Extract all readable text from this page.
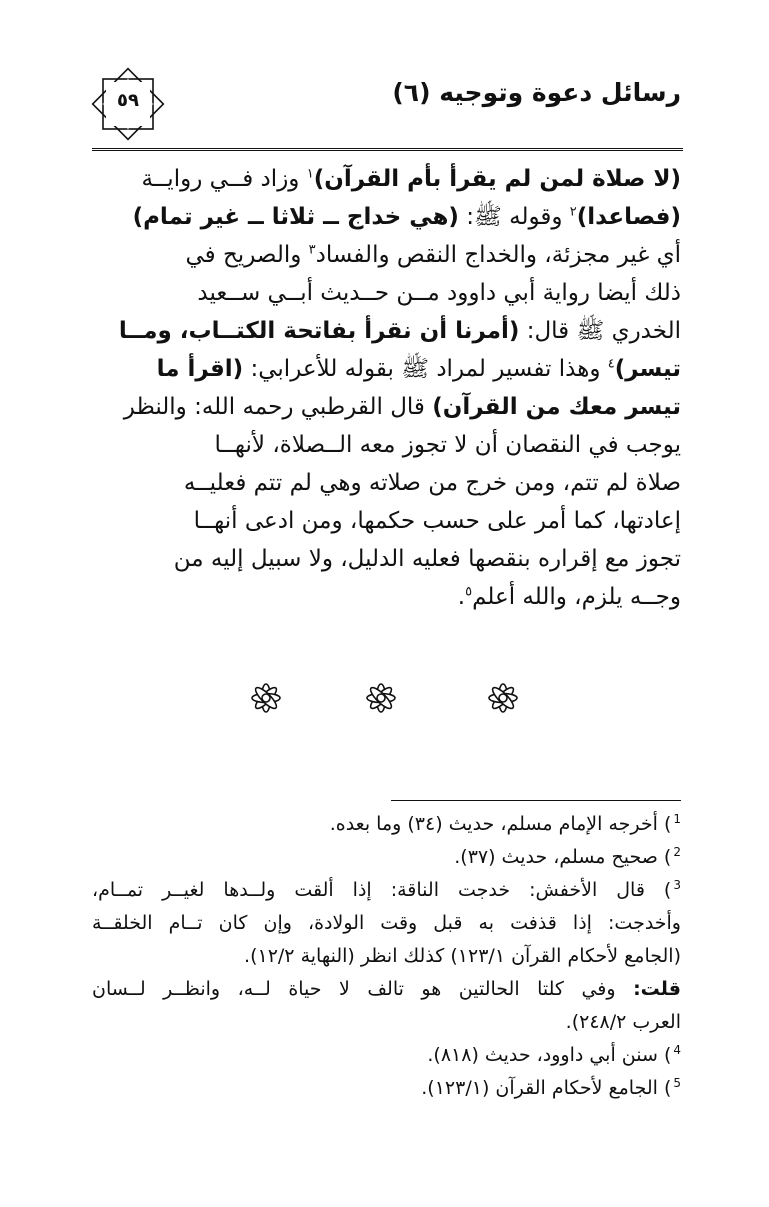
رسائل دعوة وتوجيه (٦)
٥٩
(لا صلاة لمن لم يقرأ بأم القرآن)$^١$ وزاد فــي روايــة
(فصاعدا)$^٢$ وقوله ﷺ: (هي خداج ــ ثلاثا ــ غير تمام)
أي غير مجزئة، والخداج النقص والفساد$^٣$ والصريح في
ذلك أيضا رواية أبي داوود مــن حــديث أبــي ســعيد
الخدري ﷺ قال: (أمرنا أن نقرأ بفاتحة الكتــاب، ومــا
تيسر)$^٤$ وهذا تفسير لمراد ﷺ بقوله للأعرابي: (اقرأ ما
تيسر معك من القرآن) قال القرطبي رحمه الله: والنظر
يوجب في النقصان أن لا تجوز معه الــصلاة، لأنهــا
صلاة لم تتم، ومن خرج من صلاته وهي لم تتم فعليــه
إعادتها، كما أمر على حسب حكمها، ومن ادعى أنهــا
تجوز مع إقراره بنقصها فعليه الدليل، ولا سبيل إليه من
وجــه يلزم، والله أعلم$^٥$.
$^1$) أخرجه الإمام مسلم، حديث (٣٤) وما بعده.
$^2$) صحيح مسلم، حديث (٣٧).
$^3$) قال الأخفش: خدجت الناقة: إذا ألقت ولــدها لغيــر تمــام،
وأخدجت: إذا قذفت به قبل وقت الولادة، وإن كان تــام الخلقــة
(الجامع لأحكام القرآن ١٢٣/١) كذلك انظر (النهاية ١٢/٢).
قلت: وفي كلتا الحالتين هو تالف لا حياة لــه، وانظــر لــسان
العرب ٢٤٨/٢).
$^4$) سنن أبي داوود، حديث (٨١٨).
$^5$) الجامع لأحكام القرآن (١٢٣/١).
